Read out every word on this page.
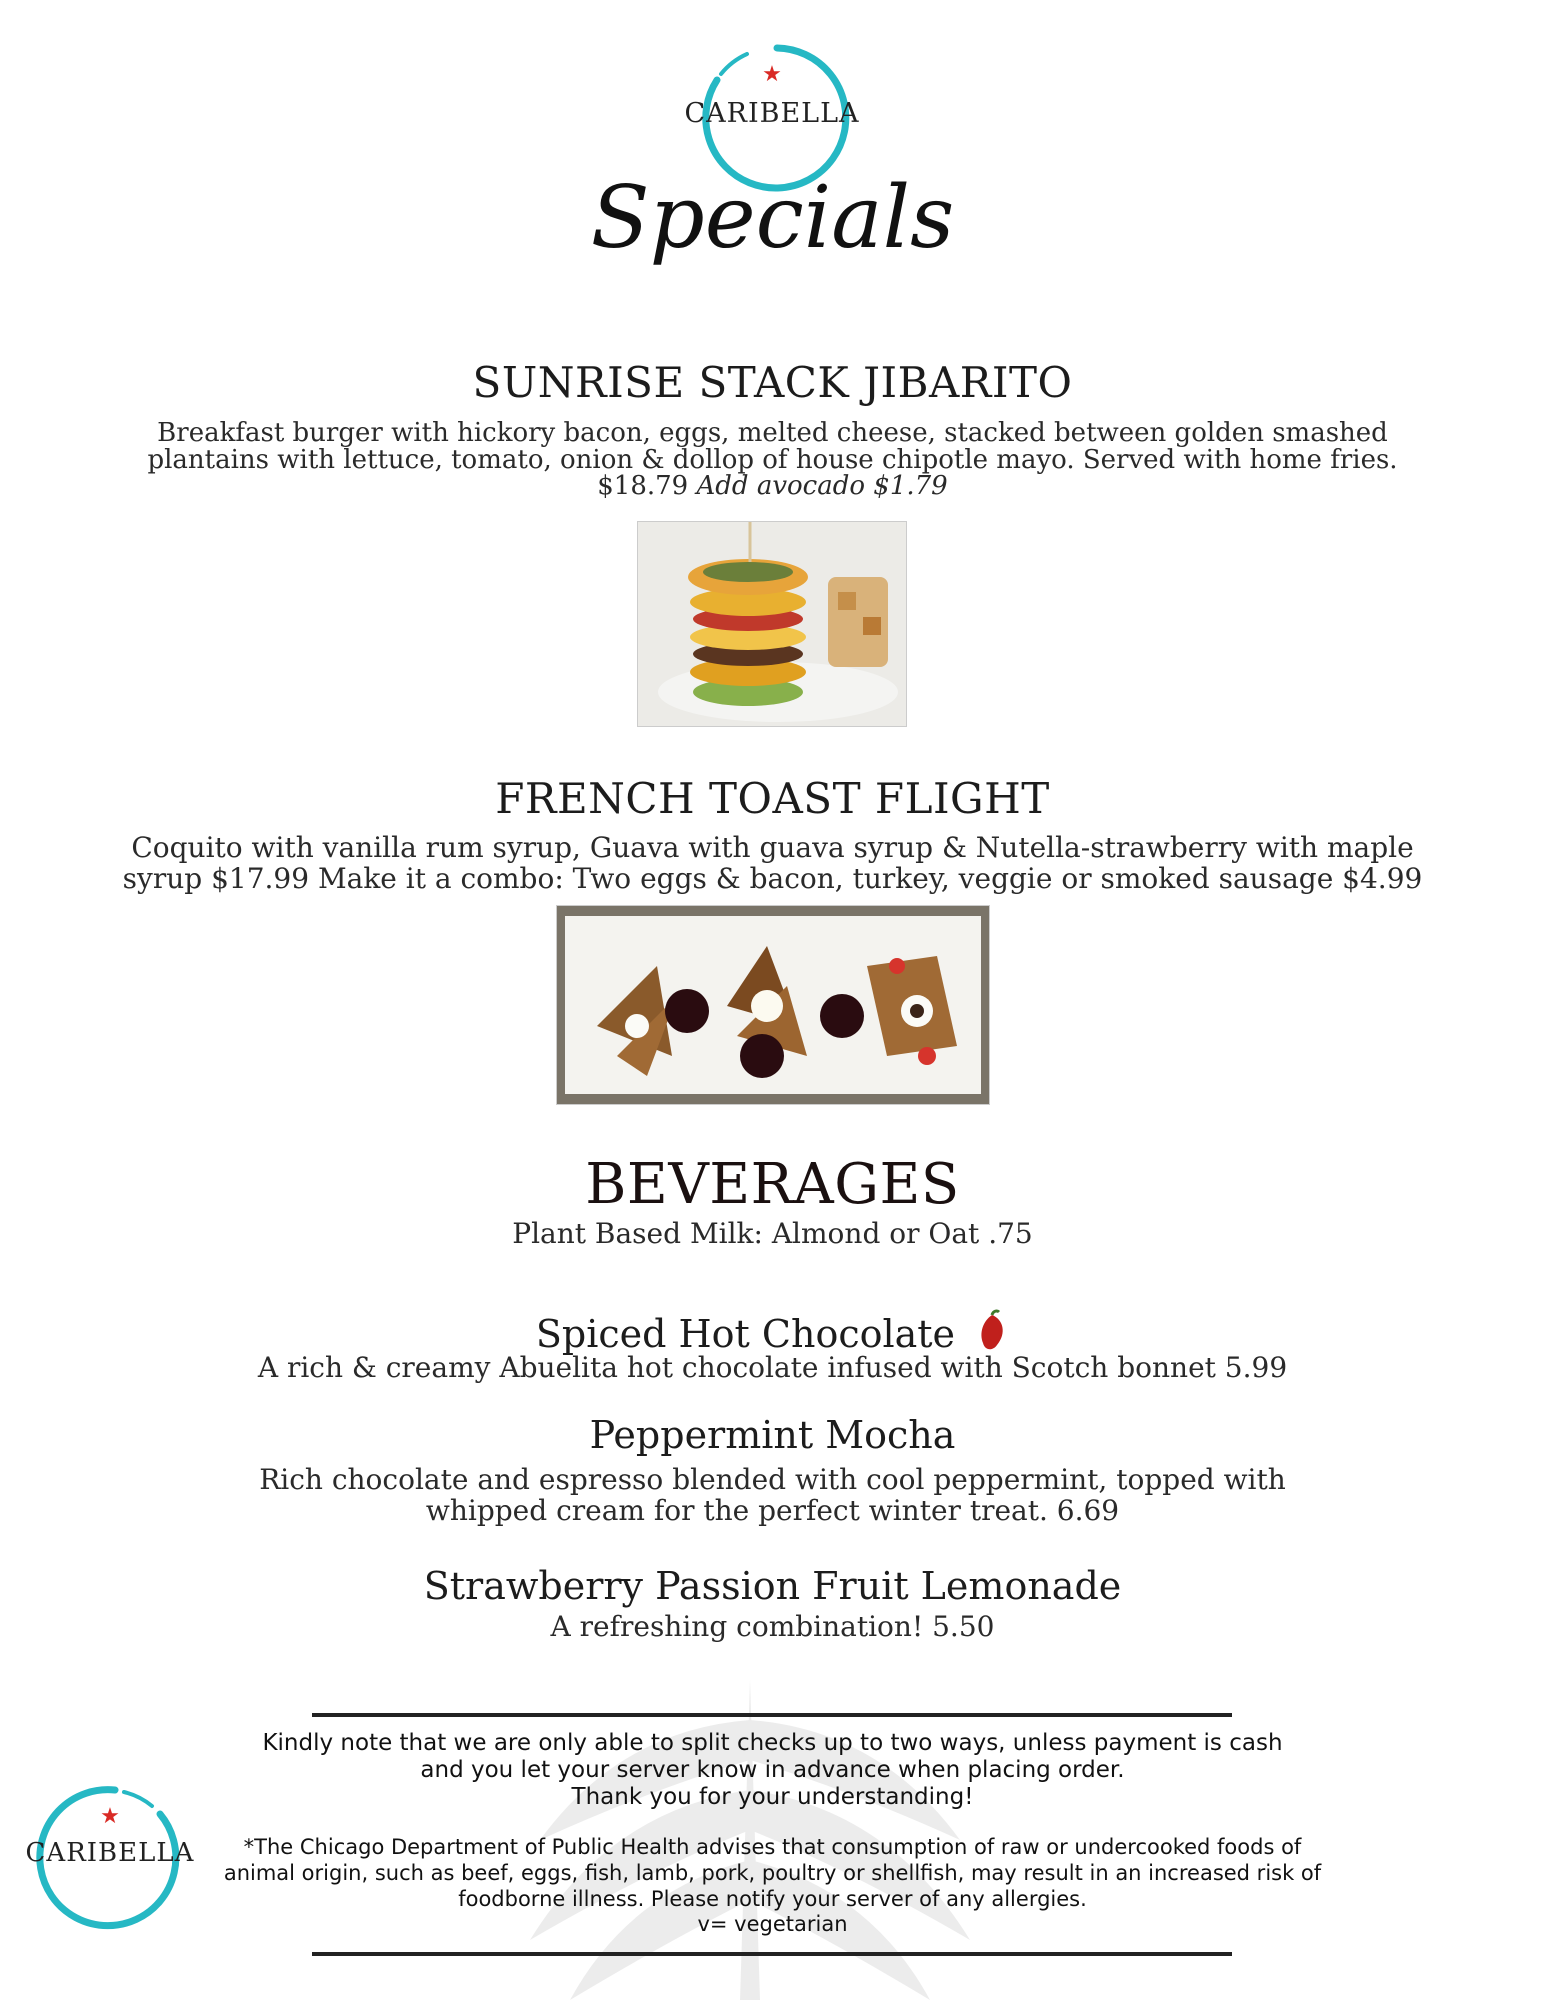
★
CARIBELLA
Specials
SUNRISE STACK JIBARITO
Breakfast burger with hickory bacon, eggs, melted cheese, stacked between golden smashed
plantains with lettuce, tomato, onion & dollop of house chipotle mayo. Served with home fries.
$18.79 Add avocado $1.79
FRENCH TOAST FLIGHT
Coquito with vanilla rum syrup, Guava with guava syrup & Nutella-strawberry with maple
syrup $17.99 Make it a combo: Two eggs & bacon, turkey, veggie or smoked sausage $4.99
BEVERAGES
Plant Based Milk: Almond or Oat .75
Spiced Hot Chocolate
A rich & creamy Abuelita hot chocolate infused with Scotch bonnet 5.99
Peppermint Mocha
Rich chocolate and espresso blended with cool peppermint, topped with
whipped cream for the perfect winter treat. 6.69
Strawberry Passion Fruit Lemonade
A refreshing combination! 5.50
Kindly note that we are only able to split checks up to two ways, unless payment is cash
and you let your server know in advance when placing order.
Thank you for your understanding!
*The Chicago Department of Public Health advises that consumption of raw or undercooked foods of
animal origin, such as beef, eggs, fish, lamb, pork, poultry or shellfish, may result in an increased risk of
foodborne illness. Please notify your server of any allergies.
v= vegetarian
★
CARIBELLA
